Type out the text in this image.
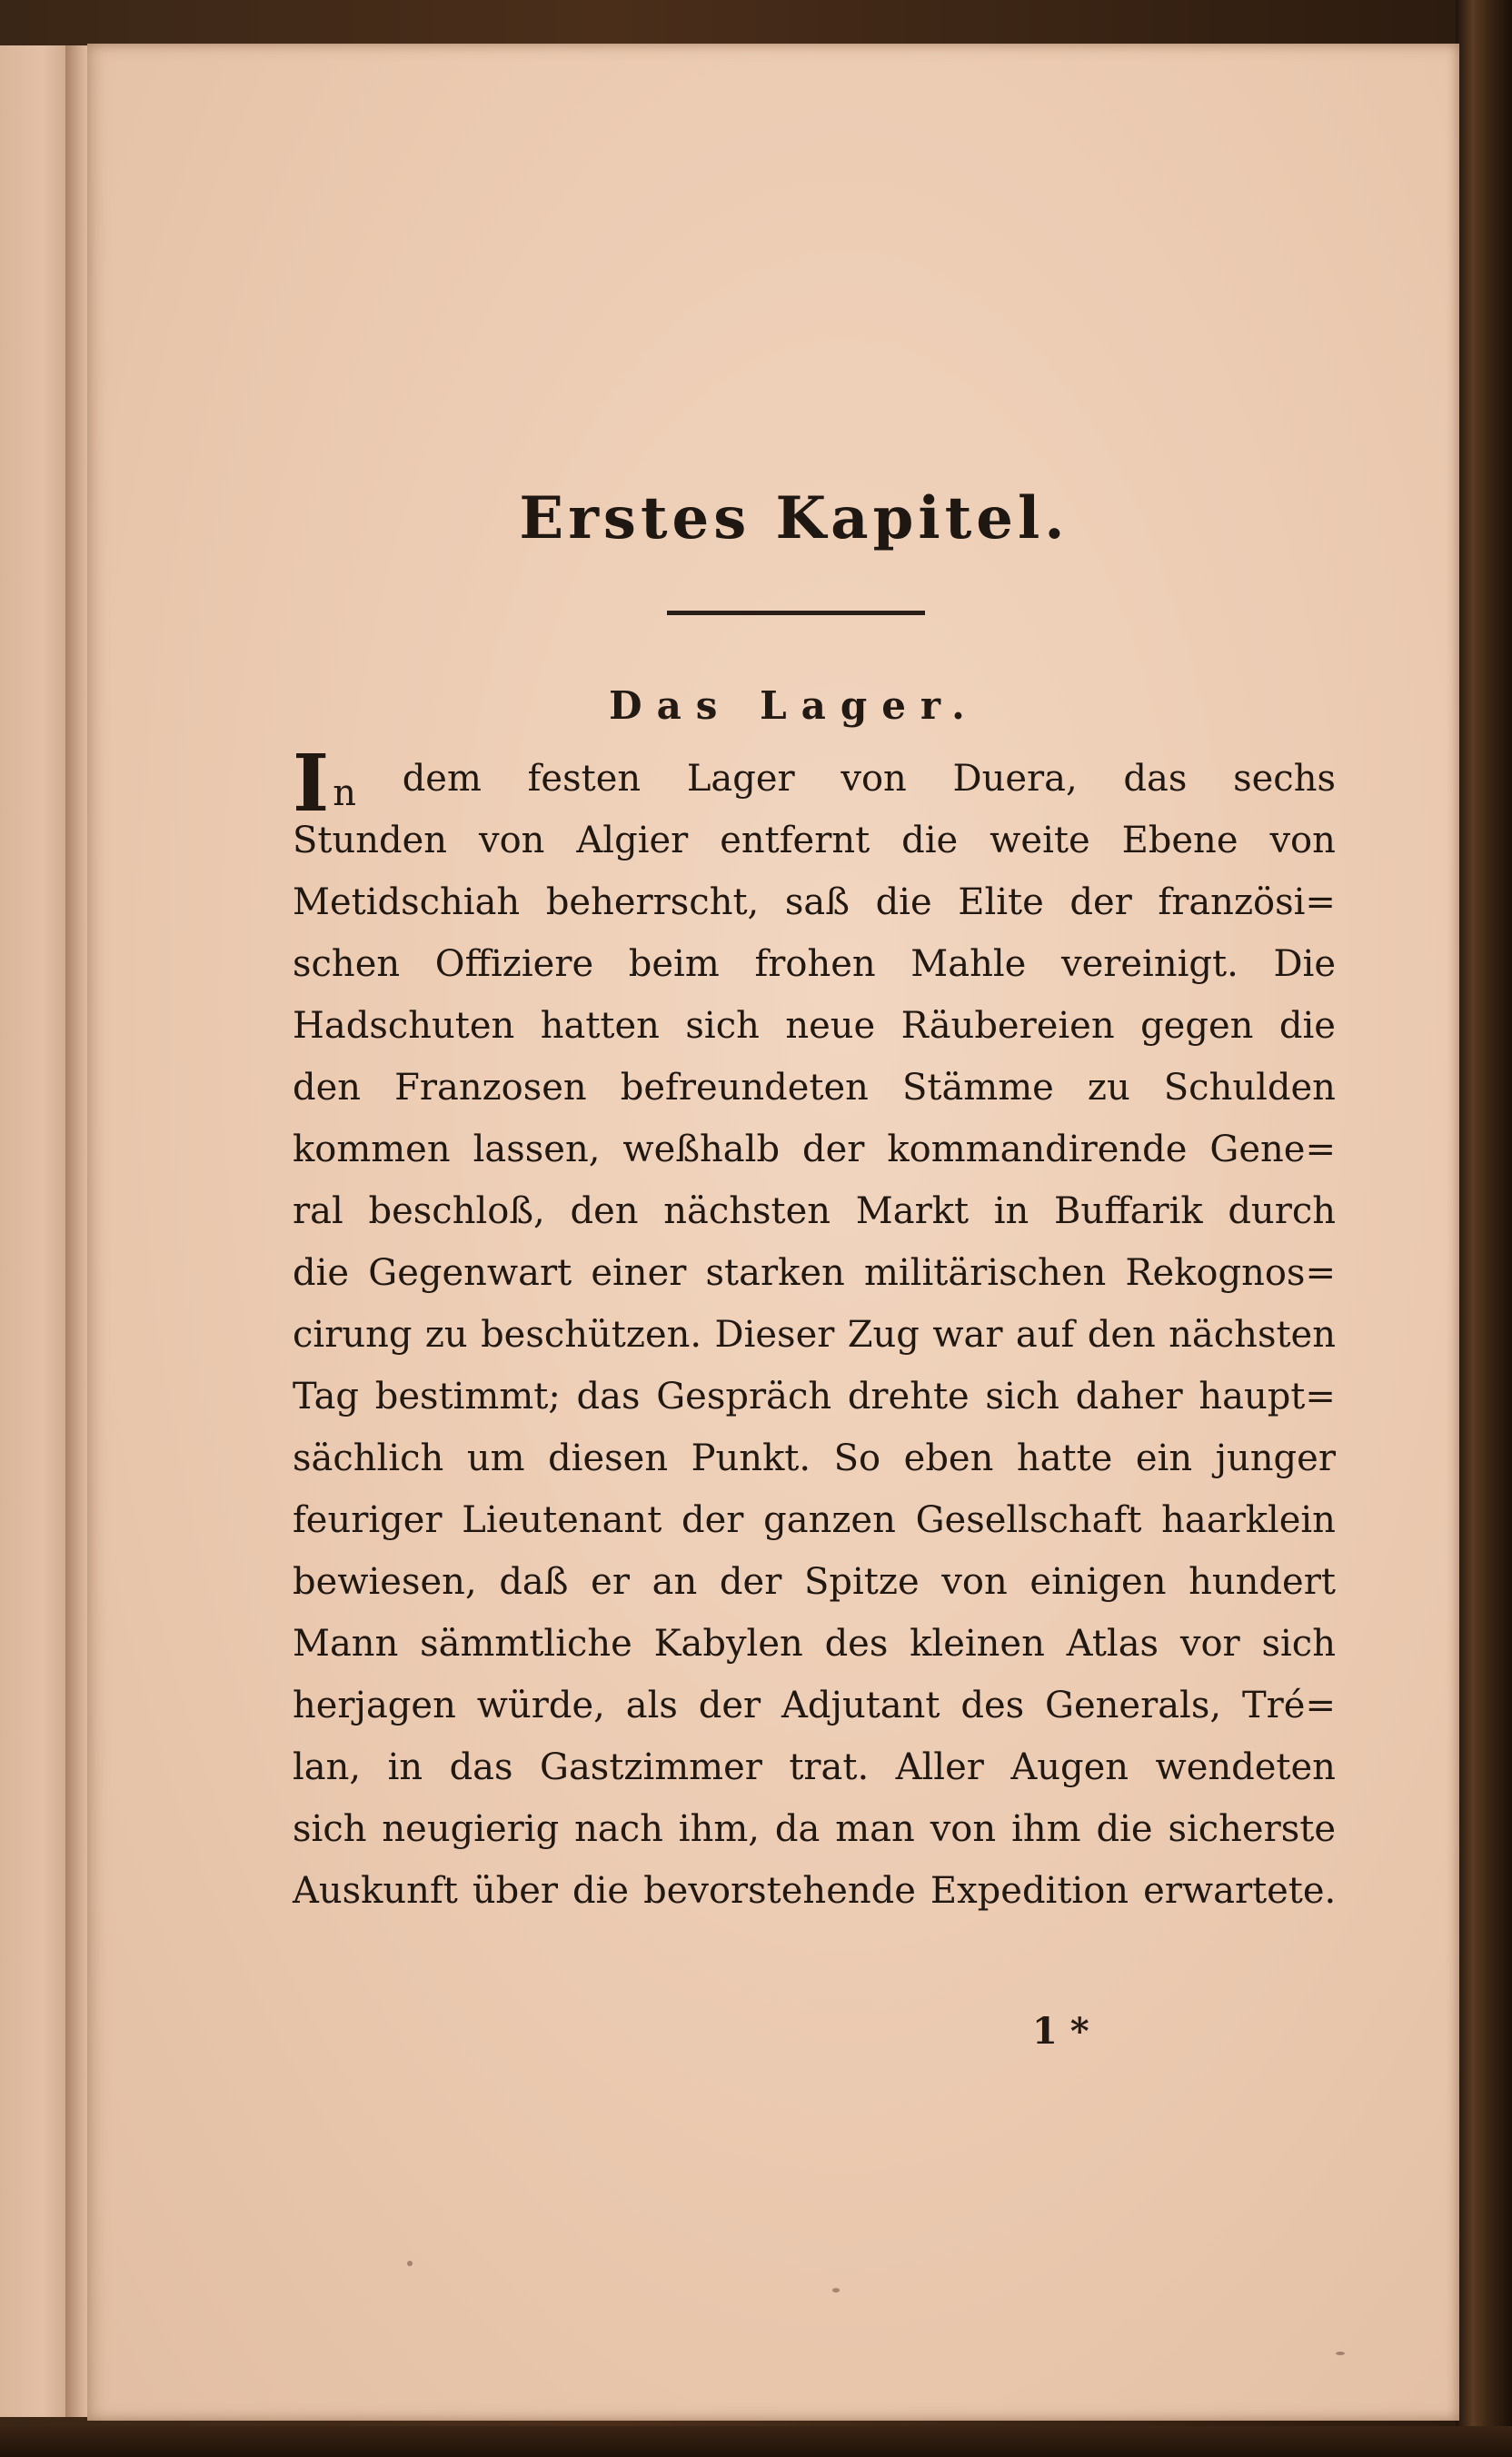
Erstes Kapitel.
Das Lager.
In dem festen Lager von Duera, das sechs
Stunden von Algier entfernt die weite Ebene von
Metidschiah beherrscht, saß die Elite der französi=
schen Offiziere beim frohen Mahle vereinigt. Die
Hadschuten hatten sich neue Räubereien gegen die
den Franzosen befreundeten Stämme zu Schulden
kommen lassen, weßhalb der kommandirende Gene=
ral beschloß, den nächsten Markt in Buffarik durch
die Gegenwart einer starken militärischen Rekognos=
cirung zu beschützen. Dieser Zug war auf den nächsten
Tag bestimmt; das Gespräch drehte sich daher haupt=
sächlich um diesen Punkt. So eben hatte ein junger
feuriger Lieutenant der ganzen Gesellschaft haarklein
bewiesen, daß er an der Spitze von einigen hundert
Mann sämmtliche Kabylen des kleinen Atlas vor sich
herjagen würde, als der Adjutant des Generals, Tré=
lan, in das Gastzimmer trat. Aller Augen wendeten
sich neugierig nach ihm, da man von ihm die sicherste
Auskunft über die bevorstehende Expedition erwartete.
1 *
